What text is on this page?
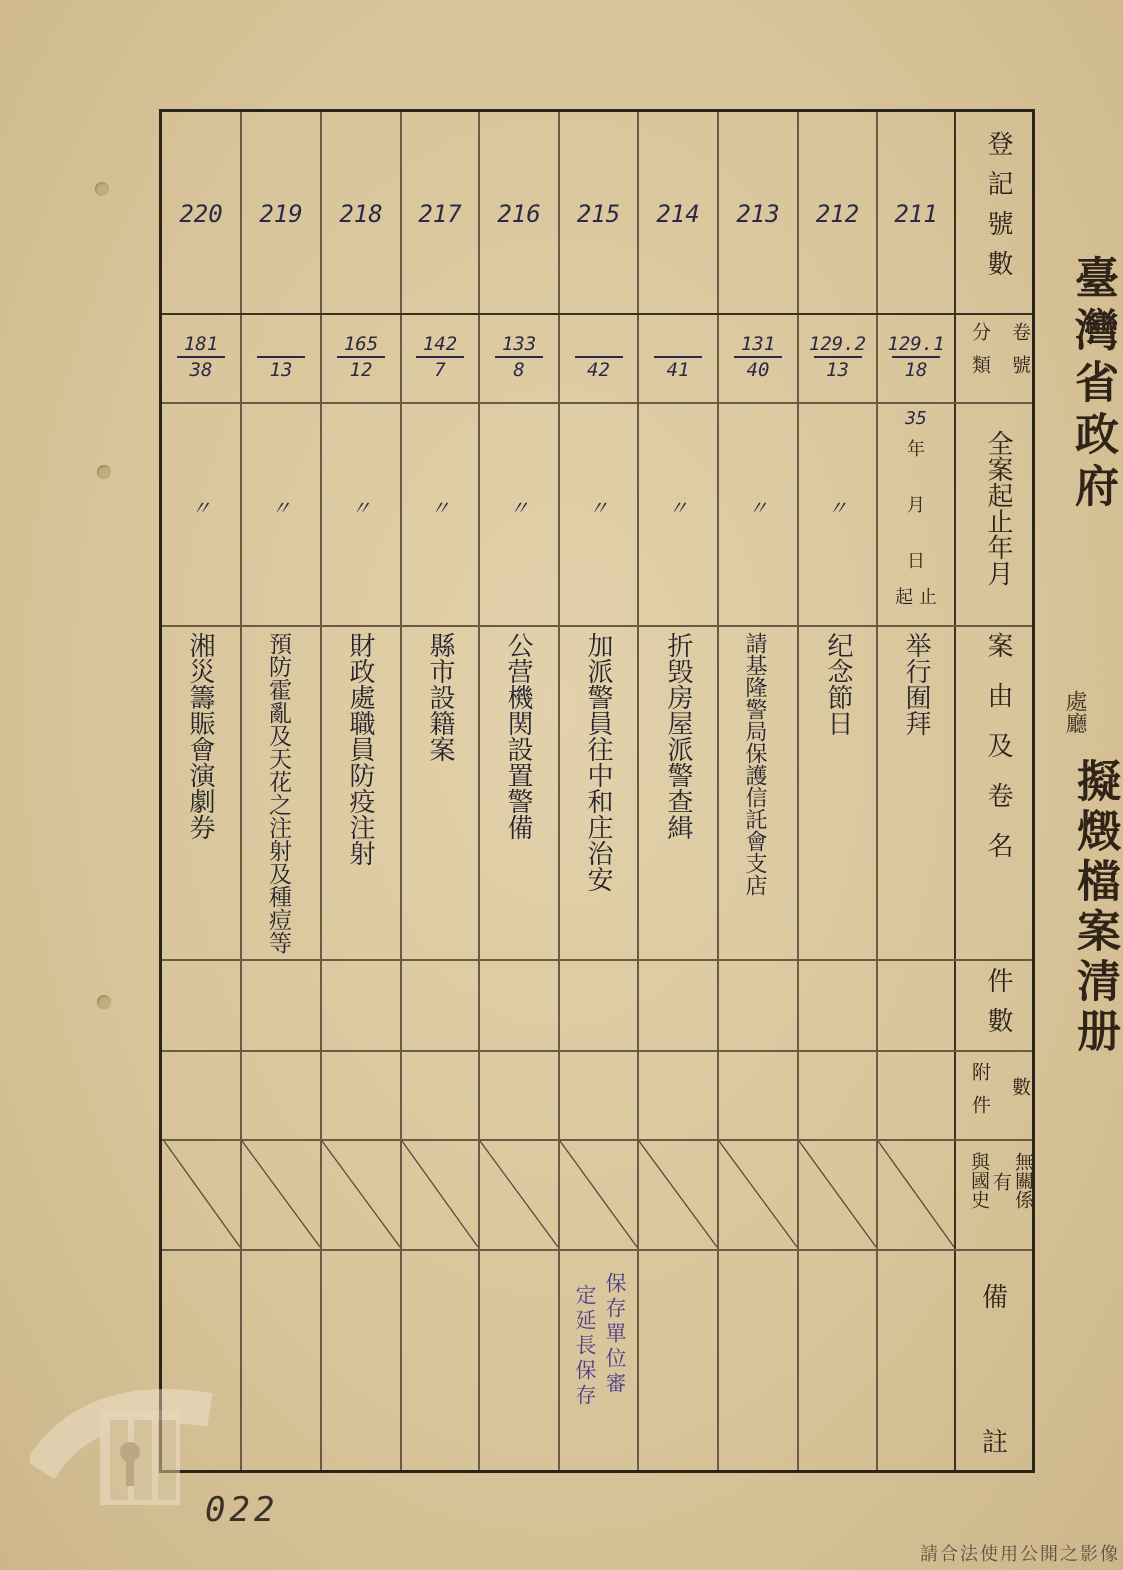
臺灣省政府
處廳
擬燬檔案清册
登記號數
分類 卷號
全案起止年月
案由及卷名
件數
附件 數
無關係
有
與國史
備
註
211
129.1
18
35
年
月
日
起 止
举行囿拜
212
129.2
13
〃
纪念節日
213
131
40
〃
請基隆警局保護信託會支店
214
41
〃
折毁房屋派警查緝
215
42
〃
加派警員往中和庄治安
216
133
8
〃
公营機関設置警備
217
142
7
〃
縣市設籍案
218
165
12
〃
財政處職員防疫注射
219
13
〃
預防霍亂及天花之注射及種痘等
220
181
38
〃
湘災籌賑會演劇券
保存單位審
定延長保存
022
請合法使用公開之影像
